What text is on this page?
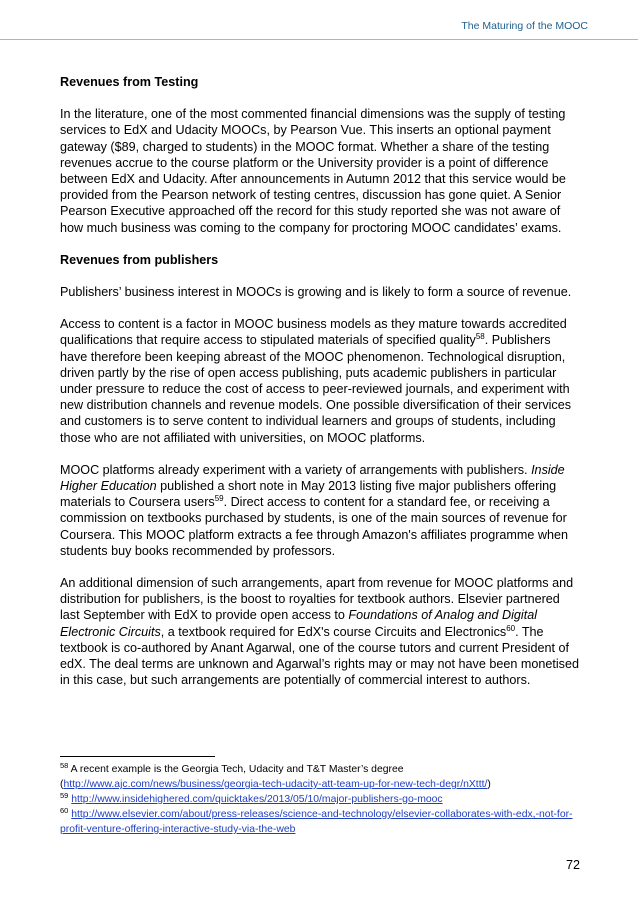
The Maturing of the MOOC
Revenues from Testing

In the literature, one of the most commented financial dimensions was the supply of testing services to EdX and Udacity MOOCs, by Pearson Vue. This inserts an optional payment gateway ($89, charged to students) in the MOOC format. Whether a share of the testing revenues accrue to the course platform or the University provider is a point of difference between EdX and Udacity. After announcements in Autumn 2012 that this service would be provided from the Pearson network of testing centres, discussion has gone quiet. A Senior Pearson Executive approached off the record for this study reported she was not aware of how much business was coming to the company for proctoring MOOC candidates’ exams.

Revenues from publishers

Publishers’ business interest in MOOCs is growing and is likely to form a source of revenue.

Access to content is a factor in MOOC business models as they mature towards accredited qualifications that require access to stipulated materials of specified quality$^{58}$. Publishers have therefore been keeping abreast of the MOOC phenomenon. Technological disruption, driven partly by the rise of open access publishing, puts academic publishers in particular under pressure to reduce the cost of access to peer-reviewed journals, and experiment with new distribution channels and revenue models. One possible diversification of their services and customers is to serve content to individual learners and groups of students, including those who are not affiliated with universities, on MOOC platforms.

MOOC platforms already experiment with a variety of arrangements with publishers. Inside Higher Education published a short note in May 2013 listing five major publishers offering materials to Coursera users$^{59}$. Direct access to content for a standard fee, or receiving a commission on textbooks purchased by students, is one of the main sources of revenue for Coursera. This MOOC platform extracts a fee through Amazon's affiliates programme when students buy books recommended by professors.

An additional dimension of such arrangements, apart from revenue for MOOC platforms and distribution for publishers, is the boost to royalties for textbook authors. Elsevier partnered last September with EdX to provide open access to Foundations of Analog and Digital Electronic Circuits, a textbook required for EdX's course Circuits and Electronics$^{60}$. The textbook is co-authored by Anant Agarwal, one of the course tutors and current President of edX. The deal terms are unknown and Agarwal’s rights may or may not have been monetised in this case, but such arrangements are potentially of commercial interest to authors.

$^{58}$ A recent example is the Georgia Tech, Udacity and T&T Master’s degree
(http://www.ajc.com/news/business/georgia-tech-udacity-att-team-up-for-new-tech-degr/nXttt/)

$^{59}$ http://www.insidehighered.com/quicktakes/2013/05/10/major-publishers-go-mooc

$^{60}$ http://www.elsevier.com/about/press-releases/science-and-technology/elsevier-collaborates-with-edx,-not-for-profit-venture-offering-interactive-study-via-the-web

72
